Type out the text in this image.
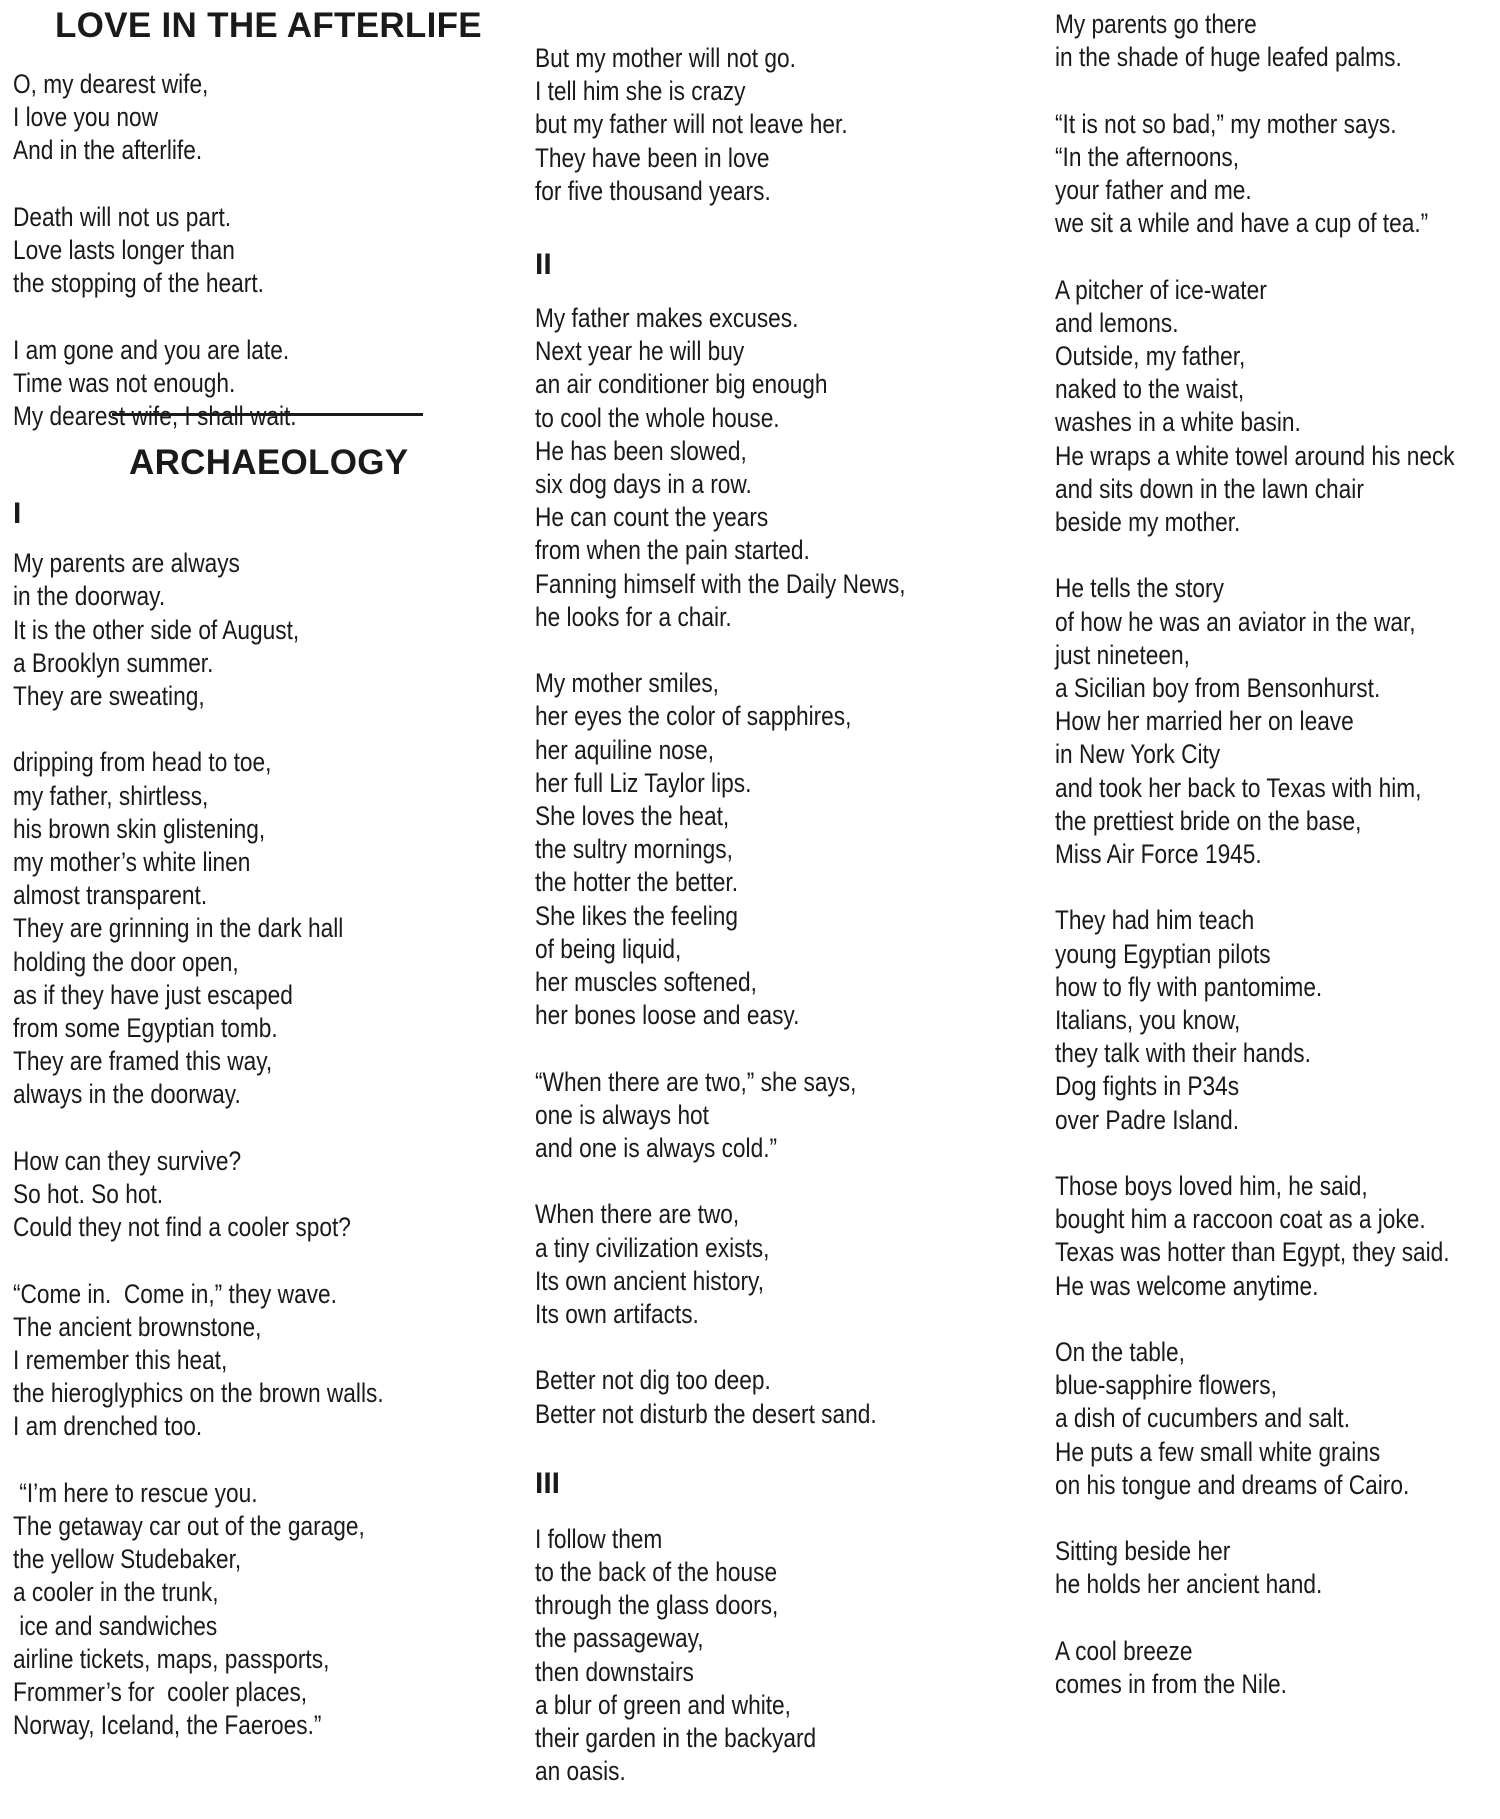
LOVE IN THE AFTERLIFE
O, my dearest wife,
I love you now
And in the afterlife.
Death will not us part.
Love lasts longer than
the stopping of the heart.
I am gone and you are late.
Time was not enough.
My dearest wife, I shall wait.
ARCHAEOLOGY
I
My parents are always
in the doorway.
It is the other side of August,
a Brooklyn summer.
They are sweating,
dripping from head to toe,
my father, shirtless,
his brown skin glistening,
my mother’s white linen
almost transparent.
They are grinning in the dark hall
holding the door open,
as if they have just escaped
from some Egyptian tomb.
They are framed this way,
always in the doorway.
How can they survive?
So hot. So hot.
Could they not find a cooler spot?
“Come in.  Come in,” they wave.
The ancient brownstone,
I remember this heat,
the hieroglyphics on the brown walls.
I am drenched too.
“I’m here to rescue you.
The getaway car out of the garage,
the yellow Studebaker,
a cooler in the trunk,
ice and sandwiches
airline tickets, maps, passports,
Frommer’s for  cooler places,
Norway, Iceland, the Faeroes.”
But my mother will not go.
I tell him she is crazy
but my father will not leave her.
They have been in love
for five thousand years.
II
My father makes excuses.
Next year he will buy
an air conditioner big enough
to cool the whole house.
He has been slowed,
six dog days in a row.
He can count the years
from when the pain started.
Fanning himself with the Daily News,
he looks for a chair.
My mother smiles,
her eyes the color of sapphires,
her aquiline nose,
her full Liz Taylor lips.
She loves the heat,
the sultry mornings,
the hotter the better.
She likes the feeling
of being liquid,
her muscles softened,
her bones loose and easy.
“When there are two,” she says,
one is always hot
and one is always cold.”
When there are two,
a tiny civilization exists,
Its own ancient history,
Its own artifacts.
Better not dig too deep.
Better not disturb the desert sand.
III
I follow them
to the back of the house
through the glass doors,
the passageway,
then downstairs
a blur of green and white,
their garden in the backyard
an oasis.
My parents go there
in the shade of huge leafed palms.
“It is not so bad,” my mother says.
“In the afternoons,
your father and me.
we sit a while and have a cup of tea.”
A pitcher of ice-water
and lemons.
Outside, my father,
naked to the waist,
washes in a white basin.
He wraps a white towel around his neck
and sits down in the lawn chair
beside my mother.
He tells the story
of how he was an aviator in the war,
just nineteen,
a Sicilian boy from Bensonhurst.
How her married her on leave
in New York City
and took her back to Texas with him,
the prettiest bride on the base,
Miss Air Force 1945.
They had him teach
young Egyptian pilots
how to fly with pantomime.
Italians, you know,
they talk with their hands.
Dog fights in P34s
over Padre Island.
Those boys loved him, he said,
bought him a raccoon coat as a joke.
Texas was hotter than Egypt, they said.
He was welcome anytime.
On the table,
blue-sapphire flowers,
a dish of cucumbers and salt.
He puts a few small white grains
on his tongue and dreams of Cairo.
Sitting beside her
he holds her ancient hand.
A cool breeze
comes in from the Nile.
